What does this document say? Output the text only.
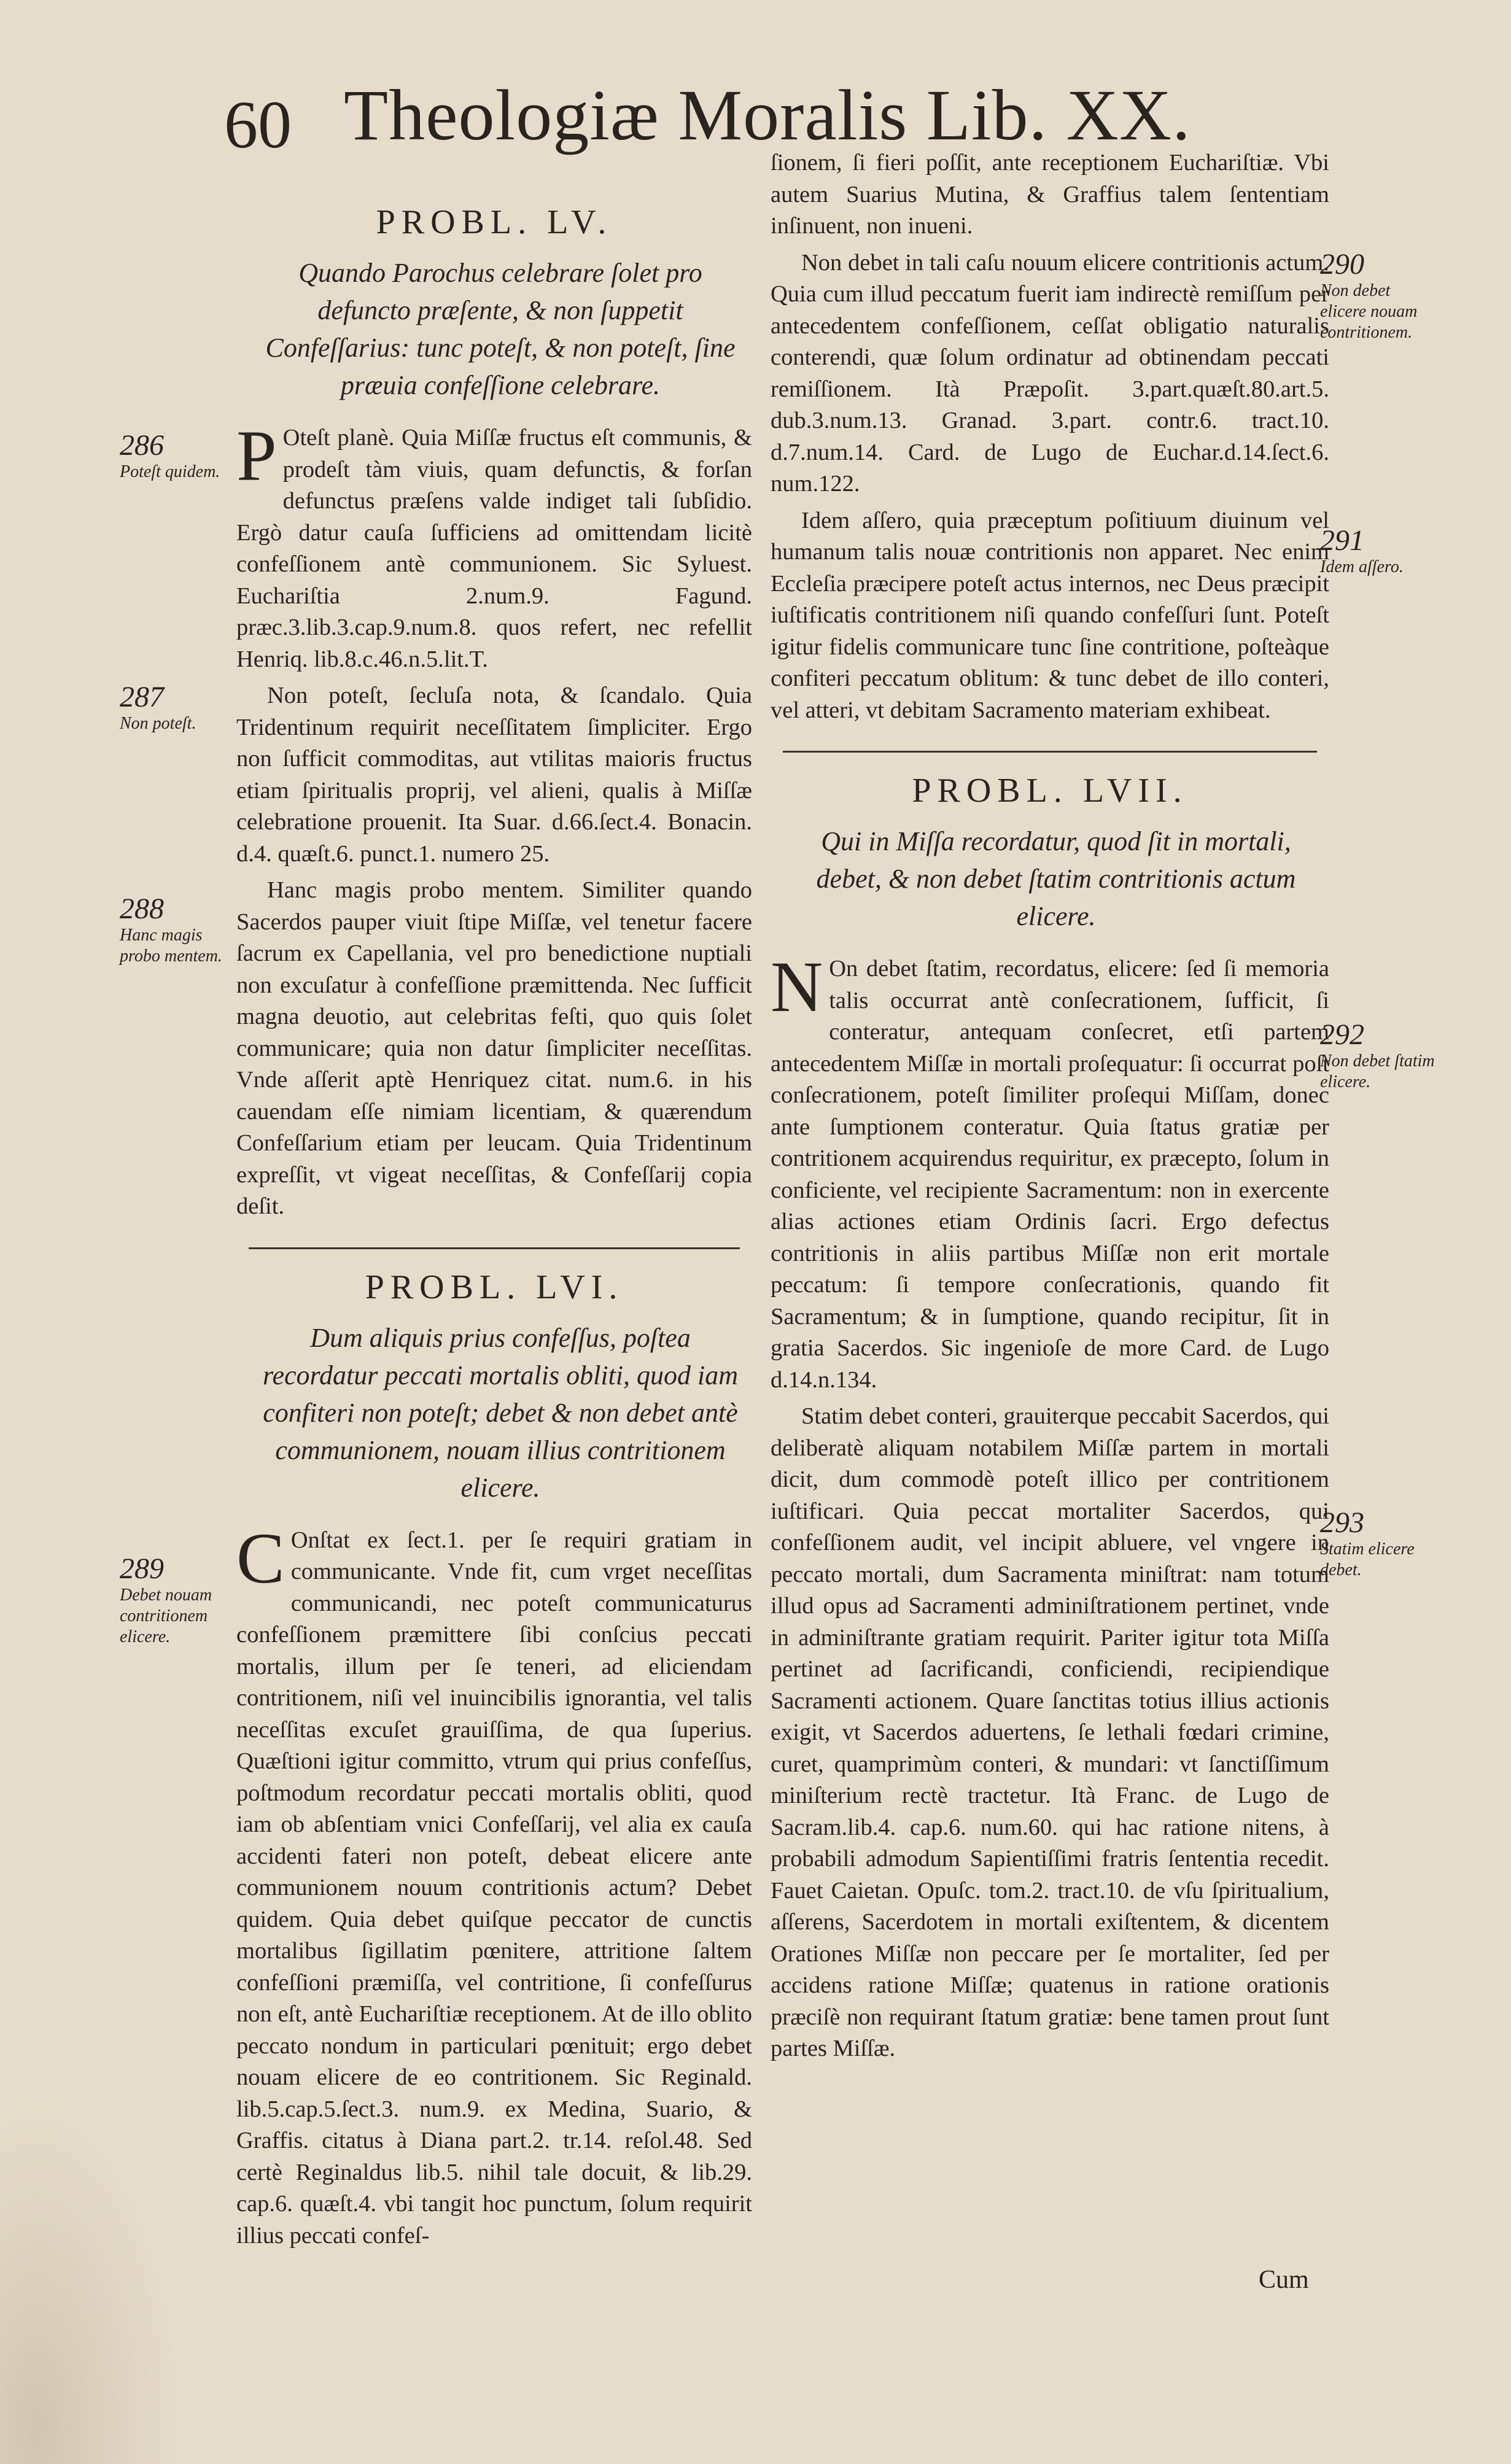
60 Theologiæ Moralis Lib. XX.
286
Poteſt quidem.
287
Non poteſt.
288
Hanc magis probo mentem.
289
Debet nouam contritionem elicere.
PROBL. LV.
Quando Parochus celebrare ſolet pro defuncto præſente, & non ſuppetit Confeſſarius: tunc poteſt, & non poteſt, ſine præuia confeſſione celebrare.

P Oteſt planè. Quia Miſſæ fructus eſt communis, & prodeſt tàm viuis, quam defunctis, & forſan defunctus præſens valde indiget tali ſubſidio. Ergò datur cauſa ſufficiens ad omittendam licitè confeſſionem antè communionem. Sic Syluest. Euchariſtia 2.num.9. Fagund. præc.3.lib.3.cap.9.num.8. quos refert, nec refellit Henriq. lib.8.c.46.n.5.lit.T.

Non poteſt, ſecluſa nota, & ſcandalo. Quia Tridentinum requirit neceſſitatem ſimpliciter. Ergo non ſufficit commoditas, aut vtilitas maioris fructus etiam ſpiritualis proprij, vel alieni, qualis à Miſſæ celebratione prouenit. Ita Suar. d.66.ſect.4. Bonacin. d.4. quæſt.6. punct.1. numero 25.

Hanc magis probo mentem. Similiter quando Sacerdos pauper viuit ſtipe Miſſæ, vel tenetur facere ſacrum ex Capellania, vel pro benedictione nuptiali non excuſatur à confeſſione præmittenda. Nec ſufficit magna deuotio, aut celebritas feſti, quo quis ſolet communicare; quia non datur ſimpliciter neceſſitas. Vnde aſſerit aptè Henriquez citat. num.6. in his cauendam eſſe nimiam licentiam, & quærendum Confeſſarium etiam per leucam. Quia Tridentinum expreſſit, vt vigeat neceſſitas, & Confeſſarij copia deſit.

PROBL. LVI.
Dum aliquis prius confeſſus, poſtea recordatur peccati mortalis obliti, quod iam confiteri non poteſt; debet & non debet antè communionem, nouam illius contritionem elicere.

C Onſtat ex ſect.1. per ſe requiri gratiam in communicante. Vnde fit, cum vrget neceſſitas communicandi, nec poteſt communicaturus confeſſionem præmittere ſibi conſcius peccati mortalis, illum per ſe teneri, ad eliciendam contritionem, niſi vel inuincibilis ignorantia, vel talis neceſſitas excuſet grauiſſima, de qua ſuperius. Quæſtioni igitur committo, vtrum qui prius confeſſus, poſtmodum recordatur peccati mortalis obliti, quod iam ob abſentiam vnici Confeſſarij, vel alia ex cauſa accidenti fateri non poteſt, debeat elicere ante communionem nouum contritionis actum? Debet quidem. Quia debet quiſque peccator de cunctis mortalibus ſigillatim pœnitere, attritione ſaltem confeſſioni præmiſſa, vel contritione, ſi confeſſurus non eſt, antè Euchariſtiæ receptionem. At de illo oblito peccato nondum in particulari pœnituit; ergo debet nouam elicere de eo contritionem. Sic Reginald. lib.5.cap.5.ſect.3. num.9. ex Medina, Suario, & Graffis. citatus à Diana part.2. tr.14. reſol.48. Sed certè Reginaldus lib.5. nihil tale docuit, & lib.29. cap.6. quæſt.4. vbi tangit hoc punctum, ſolum requirit illius peccati confeſ-

ſionem, ſi fieri poſſit, ante receptionem Euchariſtiæ. Vbi autem Suarius Mutina, & Graffius talem ſententiam inſinuent, non inueni.

Non debet in tali caſu nouum elicere contritionis actum. Quia cum illud peccatum fuerit iam indirectè remiſſum per antecedentem confeſſionem, ceſſat obligatio naturalis conterendi, quæ ſolum ordinatur ad obtinendam peccati remiſſionem. Ità Præpoſit. 3.part.quæſt.80.art.5. dub.3.num.13. Granad. 3.part. contr.6. tract.10. d.7.num.14. Card. de Lugo de Euchar.d.14.ſect.6. num.122.

Idem aſſero, quia præceptum poſitiuum diuinum vel humanum talis nouæ contritionis non apparet. Nec enim Eccleſia præcipere poteſt actus internos, nec Deus præcipit iuſtificatis contritionem niſi quando confeſſuri ſunt. Poteſt igitur fidelis communicare tunc ſine contritione, poſteàque confiteri peccatum oblitum: & tunc debet de illo conteri, vel atteri, vt debitam Sacramento materiam exhibeat.

PROBL. LVII.
Qui in Miſſa recordatur, quod ſit in mortali, debet, & non debet ſtatim contritionis actum elicere.

N On debet ſtatim, recordatus, elicere: ſed ſi memoria talis occurrat antè conſecrationem, ſufficit, ſi conteratur, antequam conſecret, etſi partem antecedentem Miſſæ in mortali proſequatur: ſi occurrat poſt conſecrationem, poteſt ſimiliter proſequi Miſſam, donec ante ſumptionem conteratur. Quia ſtatus gratiæ per contritionem acquirendus requiritur, ex præcepto, ſolum in conficiente, vel recipiente Sacramentum: non in exercente alias actiones etiam Ordinis ſacri. Ergo defectus contritionis in aliis partibus Miſſæ non erit mortale peccatum: ſi tempore conſecrationis, quando fit Sacramentum; & in ſumptione, quando recipitur, ſit in gratia Sacerdos. Sic ingenioſe de more Card. de Lugo d.14.n.134.

Statim debet conteri, grauiterque peccabit Sacerdos, qui deliberatè aliquam notabilem Miſſæ partem in mortali dicit, dum commodè poteſt illico per contritionem iuſtificari. Quia peccat mortaliter Sacerdos, qui confeſſionem audit, vel incipit abluere, vel vngere in peccato mortali, dum Sacramenta miniſtrat: nam totum illud opus ad Sacramenti adminiſtrationem pertinet, vnde in adminiſtrante gratiam requirit. Pariter igitur tota Miſſa pertinet ad ſacrificandi, conficiendi, recipiendique Sacramenti actionem. Quare ſanctitas totius illius actionis exigit, vt Sacerdos aduertens, ſe lethali fœdari crimine, curet, quamprimùm conteri, & mundari: vt ſanctiſſimum miniſterium rectè tractetur. Ità Franc. de Lugo de Sacram.lib.4. cap.6. num.60. qui hac ratione nitens, à probabili admodum Sapientiſſimi fratris ſententia recedit. Fauet Caietan. Opuſc. tom.2. tract.10. de vſu ſpiritualium, aſſerens, Sacerdotem in mortali exiſtentem, & dicentem Orationes Miſſæ non peccare per ſe mortaliter, ſed per accidens ratione Miſſæ; quatenus in ratione orationis præciſè non requirant ſtatum gratiæ: bene tamen prout ſunt partes Miſſæ.

290
Non debet elicere nouam contritionem.
291
Idem aſſero.
292
Non debet ſtatim elicere.
293
Statim elicere debet.
Cum
